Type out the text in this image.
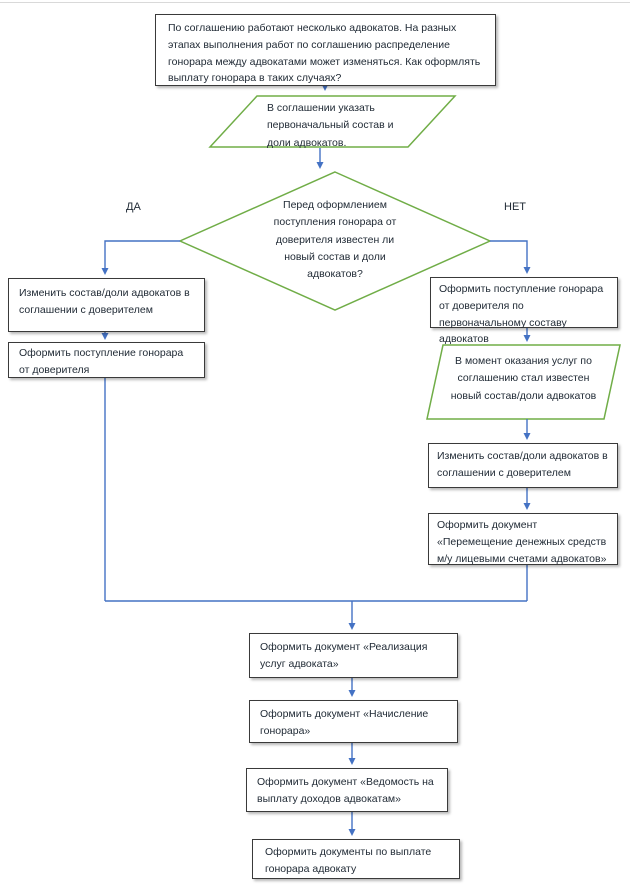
По соглашению работают несколько адвокатов. На разных этапах выполнения работ по соглашению распределение гонорара между адвокатами может изменяться. Как оформлять выплату гонорара в таких случаях?
В соглашении указать первоначальный состав и доли адвокатов.
Перед оформлением поступления гонорара от доверителя известен ли новый состав и доли адвокатов?
ДА	НЕТ
Изменить состав/доли адвокатов в соглашении с доверителем
Оформить поступление гонорара от доверителя
Оформить поступление гонорара от доверителя по первоначальному составу адвокатов
В момент оказания услуг по соглашению стал известен новый состав/доли адвокатов
Изменить состав/доли адвокатов в соглашении с доверителем
Оформить документ «Перемещение денежных средств м/у лицевыми счетами адвокатов»
Оформить документ «Реализация услуг адвоката»
Оформить документ «Начисление гонорара»
Оформить документ «Ведомость на выплату доходов адвокатам»
Оформить документы по выплате гонорара адвокату
